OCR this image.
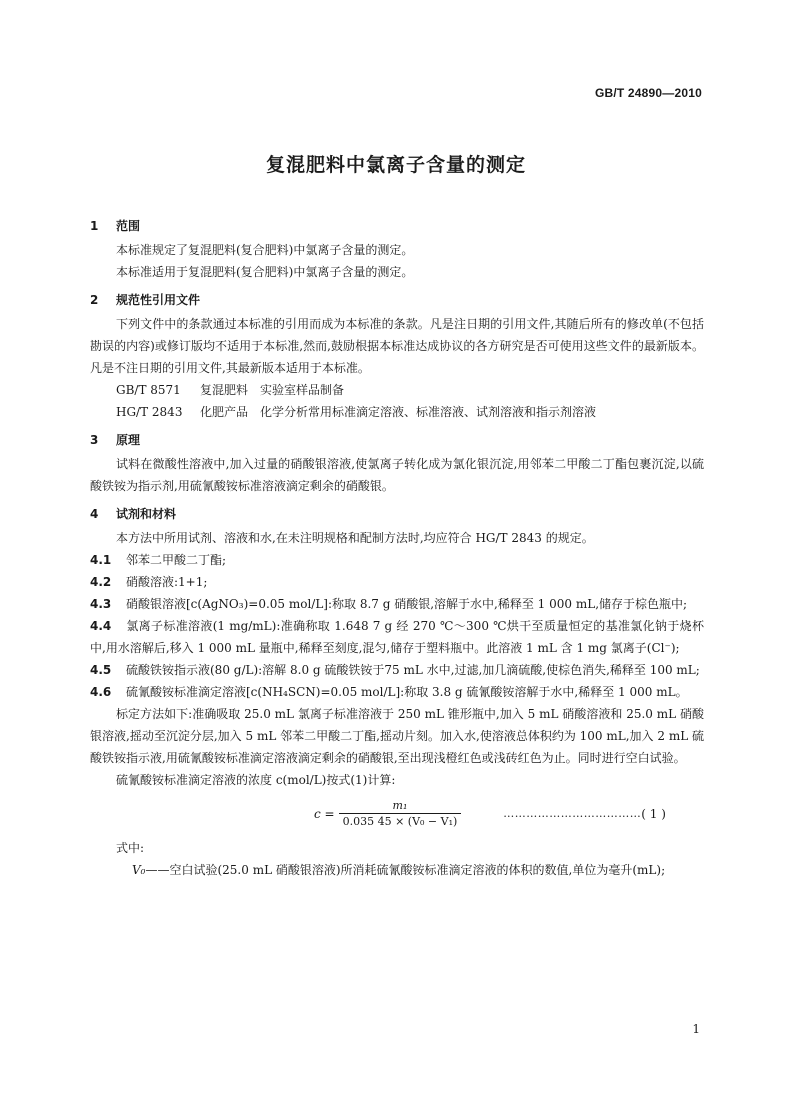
GB/T 24890—2010
复混肥料中氯离子含量的测定
1 范围

本标准规定了复混肥料(复合肥料)中氯离子含量的测定。

本标准适用于复混肥料(复合肥料)中氯离子含量的测定。

2 规范性引用文件

下列文件中的条款通过本标准的引用而成为本标准的条款。凡是注日期的引用文件,其随后所有的修改单(不包括勘误的内容)或修订版均不适用于本标准,然而,鼓励根据本标准达成协议的各方研究是否可使用这些文件的最新版本。凡是不注日期的引用文件,其最新版本适用于本标准。

GB/T 8571 复混肥料　实验室样品制备

HG/T 2843 化肥产品　化学分析常用标准滴定溶液、标准溶液、试剂溶液和指示剂溶液

3 原理

试料在微酸性溶液中,加入过量的硝酸银溶液,使氯离子转化成为氯化银沉淀,用邻苯二甲酸二丁酯包裹沉淀,以硫酸铁铵为指示剂,用硫氰酸铵标准溶液滴定剩余的硝酸银。

4 试剂和材料

本方法中所用试剂、溶液和水,在未注明规格和配制方法时,均应符合 HG/T 2843 的规定。

4.1 邻苯二甲酸二丁酯;

4.2 硝酸溶液:1+1;

4.3 硝酸银溶液[c(AgNO₃)=0.05 mol/L]:称取 8.7 g 硝酸银,溶解于水中,稀释至 1 000 mL,储存于棕色瓶中;

4.4 氯离子标准溶液(1 mg/mL):准确称取 1.648 7 g 经 270 ℃～300 ℃烘干至质量恒定的基准氯化钠于烧杯中,用水溶解后,移入 1 000 mL 量瓶中,稀释至刻度,混匀,储存于塑料瓶中。此溶液 1 mL 含 1 mg 氯离子(Cl⁻);

4.5 硫酸铁铵指示液(80 g/L):溶解 8.0 g 硫酸铁铵于75 mL 水中,过滤,加几滴硫酸,使棕色消失,稀释至 100 mL;

4.6 硫氰酸铵标准滴定溶液[c(NH₄SCN)=0.05 mol/L]:称取 3.8 g 硫氰酸铵溶解于水中,稀释至 1 000 mL。

标定方法如下:准确吸取 25.0 mL 氯离子标准溶液于 250 mL 锥形瓶中,加入 5 mL 硝酸溶液和 25.0 mL 硝酸银溶液,摇动至沉淀分层,加入 5 mL 邻苯二甲酸二丁酯,摇动片刻。加入水,使溶液总体积约为 100 mL,加入 2 mL 硫酸铁铵指示液,用硫氰酸铵标准滴定溶液滴定剩余的硝酸银,至出现浅橙红色或浅砖红色为止。同时进行空白试验。

硫氰酸铵标准滴定溶液的浓度 c(mol/L)按式(1)计算:

$c = \frac{\text{m₁}}{\text{0.035 45 × (V₀ − V₁)}}$	……………………………… ( 1 )

式中:

V₀ —— 空白试验(25.0 mL 硝酸银溶液)所消耗硫氰酸铵标准滴定溶液的体积的数值,单位为毫升(mL);
1
